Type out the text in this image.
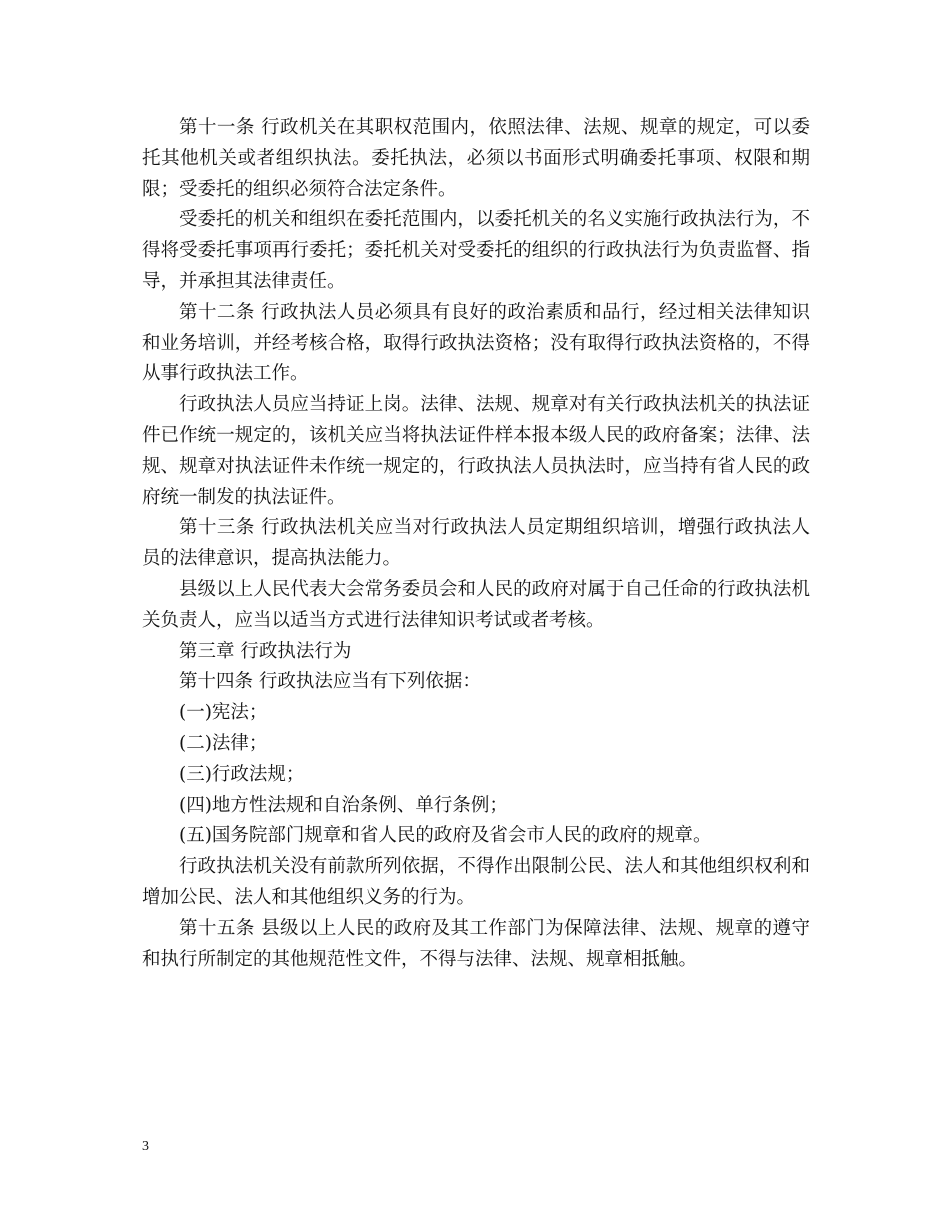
第十一条 行政机关在其职权范围内，依照法律、法规、规章的规定，可以委托其他机关或者组织执法。委托执法，必须以书面形式明确委托事项、权限和期限；受委托的组织必须符合法定条件。

受委托的机关和组织在委托范围内，以委托机关的名义实施行政执法行为，不得将受委托事项再行委托；委托机关对受委托的组织的行政执法行为负责监督、指导，并承担其法律责任。

第十二条 行政执法人员必须具有良好的政治素质和品行，经过相关法律知识和业务培训，并经考核合格，取得行政执法资格；没有取得行政执法资格的，不得从事行政执法工作。

行政执法人员应当持证上岗。法律、法规、规章对有关行政执法机关的执法证件已作统一规定的，该机关应当将执法证件样本报本级人民的政府备案；法律、法规、规章对执法证件未作统一规定的，行政执法人员执法时，应当持有省人民的政府统一制发的执法证件。

第十三条 行政执法机关应当对行政执法人员定期组织培训，增强行政执法人员的法律意识，提高执法能力。

县级以上人民代表大会常务委员会和人民的政府对属于自己任命的行政执法机关负责人，应当以适当方式进行法律知识考试或者考核。

第三章 行政执法行为

第十四条 行政执法应当有下列依据：

(一)宪法；

(二)法律；

(三)行政法规；

(四)地方性法规和自治条例、单行条例；

(五)国务院部门规章和省人民的政府及省会市人民的政府的规章。

行政执法机关没有前款所列依据，不得作出限制公民、法人和其他组织权利和增加公民、法人和其他组织义务的行为。

第十五条 县级以上人民的政府及其工作部门为保障法律、法规、规章的遵守和执行所制定的其他规范性文件，不得与法律、法规、规章相抵触。

3
